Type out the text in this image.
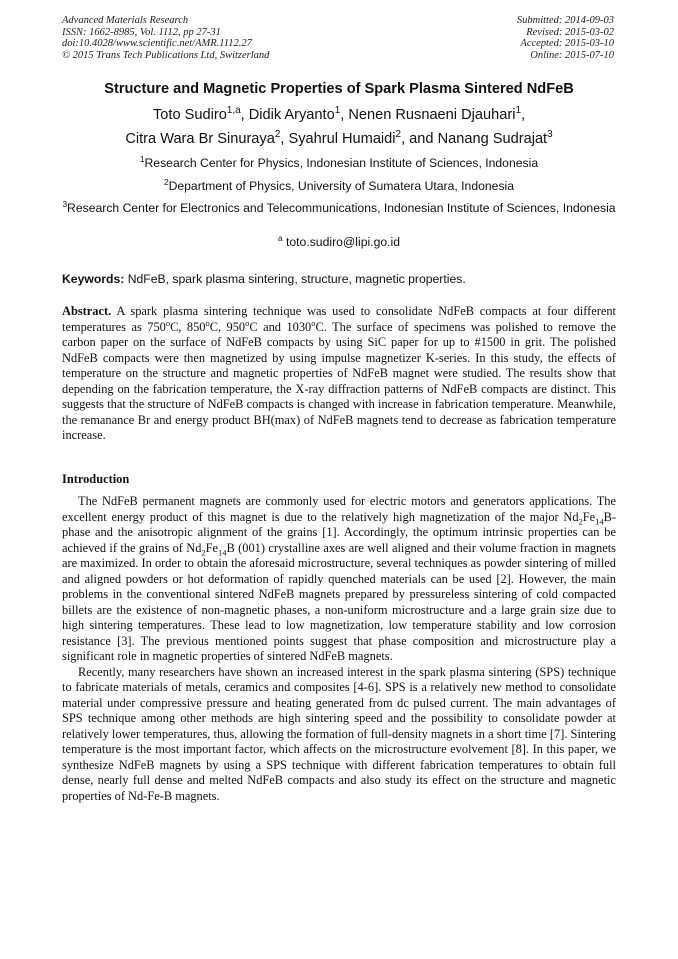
Advanced Materials Research
ISSN: 1662-8985, Vol. 1112, pp 27-31
doi:10.4028/www.scientific.net/AMR.1112.27
© 2015 Trans Tech Publications Ltd, Switzerland
Submitted: 2014-09-03
Revised: 2015-03-02
Accepted: 2015-03-10
Online: 2015-07-10
Structure and Magnetic Properties of Spark Plasma Sintered NdFeB
Toto Sudiro$^{1,a}$, Didik Aryanto$^1$, Nenen Rusnaeni Djauhari$^1$,
Citra Wara Br Sinuraya$^2$, Syahrul Humaidi$^2$, and Nanang Sudrajat$^3$
$^1$Research Center for Physics, Indonesian Institute of Sciences, Indonesia
$^2$Department of Physics, University of Sumatera Utara, Indonesia
$^3$Research Center for Electronics and Telecommunications, Indonesian Institute of Sciences, Indonesia
$^a$ toto.sudiro@lipi.go.id
Keywords: NdFeB, spark plasma sintering, structure, magnetic properties.
Abstract. A spark plasma sintering technique was used to consolidate NdFeB compacts at four different temperatures as 750$^o$C, 850$^o$C, 950$^o$C and 1030$^o$C. The surface of specimens was polished to remove the carbon paper on the surface of NdFeB compacts by using SiC paper for up to #1500 in grit. The polished NdFeB compacts were then magnetized by using impulse magnetizer K-series. In this study, the effects of temperature on the structure and magnetic properties of NdFeB magnet were studied. The results show that depending on the fabrication temperature, the X-ray diffraction patterns of NdFeB compacts are distinct. This suggests that the structure of NdFeB compacts is changed with increase in fabrication temperature. Meanwhile, the remanance Br and energy product BH(max) of NdFeB magnets tend to decrease as fabrication temperature increase.
Introduction

The NdFeB permanent magnets are commonly used for electric motors and generators applications. The excellent energy product of this magnet is due to the relatively high magnetization of the major $Nd_2Fe_{14}B$-phase and the anisotropic alignment of the grains [1]. Accordingly, the optimum intrinsic properties can be achieved if the grains of $Nd_2Fe_{14}B$ (001) crystalline axes are well aligned and their volume fraction in magnets are maximized. In order to obtain the aforesaid microstructure, several techniques as powder sintering of milled and aligned powders or hot deformation of rapidly quenched materials can be used [2]. However, the main problems in the conventional sintered NdFeB magnets prepared by pressureless sintering of cold compacted billets are the existence of non-magnetic phases, a non-uniform microstructure and a large grain size due to high sintering temperatures. These lead to low magnetization, low temperature stability and low corrosion resistance [3]. The previous mentioned points suggest that phase composition and microstructure play a significant role in magnetic properties of sintered NdFeB magnets.

Recently, many researchers have shown an increased interest in the spark plasma sintering (SPS) technique to fabricate materials of metals, ceramics and composites [4-6]. SPS is a relatively new method to consolidate material under compressive pressure and heating generated from dc pulsed current. The main advantages of SPS technique among other methods are high sintering speed and the possibility to consolidate powder at relatively lower temperatures, thus, allowing the formation of full-density magnets in a short time [7]. Sintering temperature is the most important factor, which affects on the microstructure evolvement [8]. In this paper, we synthesize NdFeB magnets by using a SPS technique with different fabrication temperatures to obtain full dense, nearly full dense and melted NdFeB compacts and also study its effect on the structure and magnetic properties of Nd-Fe-B magnets.
